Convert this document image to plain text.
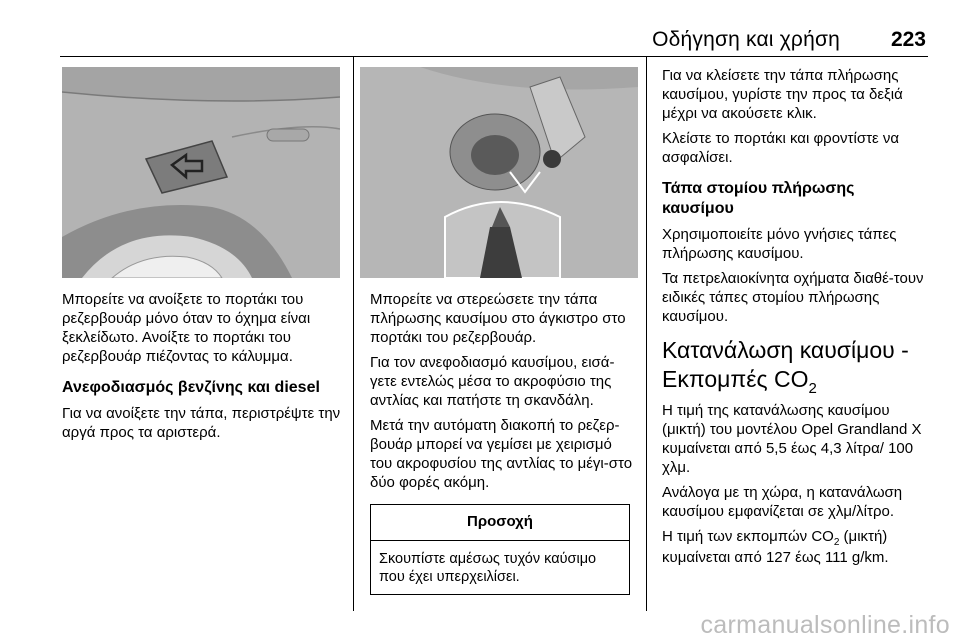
Οδήγηση και χρήση	223

Μπορείτε να ανοίξετε το πορτάκι του ρεζερβουάρ μόνο όταν το όχημα είναι ξεκλείδωτο. Ανοίξτε το πορτάκι του ρεζερβουάρ πιέζοντας το κάλυμμα.

Ανεφοδιασμός βενζίνης και diesel

Για να ανοίξετε την τάπα, περιστρέψτε την αργά προς τα αριστερά.

Μπορείτε να στερεώσετε την τάπα πλήρωσης καυσίμου στο άγκιστρο στο πορτάκι του ρεζερβουάρ.

Για τον ανεφοδιασμό καυσίμου, εισά-γετε εντελώς μέσα το ακροφύσιο της αντλίας και πατήστε τη σκανδάλη.

Μετά την αυτόματη διακοπή το ρεζερ-βουάρ μπορεί να γεμίσει με χειρισμό του ακροφυσίου της αντλίας το μέγι-στο δύο φορές ακόμη.

Προσοχή
Σκουπίστε αμέσως τυχόν καύσιμο που έχει υπερχειλίσει.

Για να κλείσετε την τάπα πλήρωσης καυσίμου, γυρίστε την προς τα δεξιά μέχρι να ακούσετε κλικ.

Κλείστε το πορτάκι και φροντίστε να ασφαλίσει.

Τάπα στομίου πλήρωσης καυσίμου

Χρησιμοποιείτε μόνο γνήσιες τάπες πλήρωσης καυσίμου.

Τα πετρελαιοκίνητα οχήματα διαθέ-τουν ειδικές τάπες στομίου πλήρωσης καυσίμου.

Κατανάλωση καυσίμου - Εκπομπές $CO_2$

Η τιμή της κατανάλωσης καυσίμου (μικτή) του μοντέλου Opel Grandland X κυμαίνεται από 5,5 έως 4,3 λίτρα/ 100 χλμ.

Ανάλογα με τη χώρα, η κατανάλωση καυσίμου εμφανίζεται σε χλμ/λίτρο.

Η τιμή των εκπομπών $CO_2$ (μικτή) κυμαίνεται από 127 έως 111 g/km.

carmanualsonline.info
